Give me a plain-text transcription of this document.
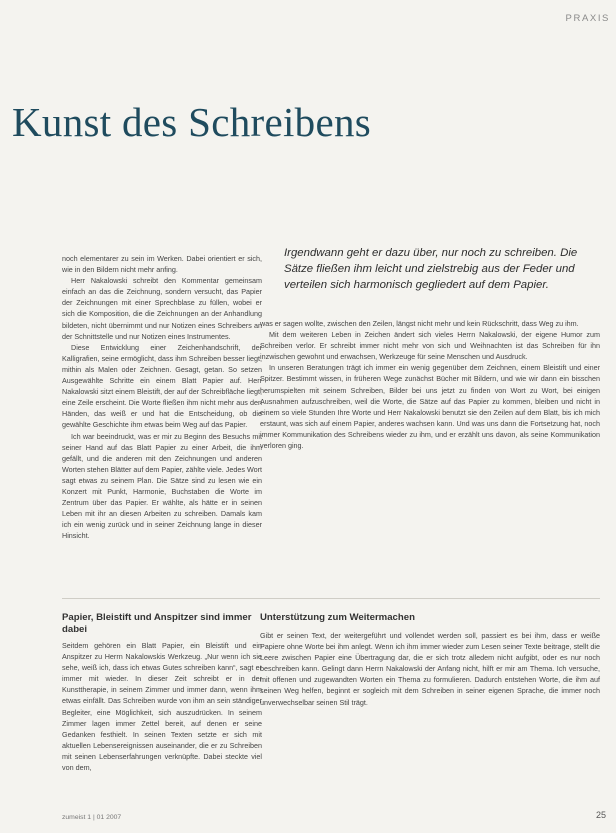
PRAXIS
Kunst des Schreibens
Irgendwann geht er dazu über, nur noch zu schreiben. Die Sätze fließen ihm leicht und zielstrebig aus der Feder und verteilen sich harmonisch gegliedert auf dem Papier.

noch elementarer zu sein im Werken. Dabei orientiert er sich, wie in den Bildern nicht mehr anfing.

Herr Nakalowski schreibt den Kommentar gemeinsam einfach an das die Zeichnung, sondern versucht, das Papier der Zeichnungen mit einer Sprechblase zu füllen, wobei er sich die Komposition, die die Zeichnungen an der Anhandlung bildeten, nicht übernimmt und nur Notizen eines Schreibers an der Schnittstelle und nur Notizen eines Instrumentes.

Diese Entwicklung einer Zeichenhandschrift, der Kalligrafien, seine ermöglicht, dass ihm Schreiben besser liegt, mithin als Malen oder Zeichnen. Gesagt, getan. So setzen Ausgewählte Schritte ein einem Blatt Papier auf. Herr Nakalowski sitzt einem Bleistift, der auf der Schreibfläche liegt, eine Zeile erscheint. Die Worte fließen ihm nicht mehr aus den Händen, das weiß er und hat die Entscheidung, ob die gewählte Geschichte ihm etwas beim Weg auf das Papier.

Ich war beeindruckt, was er mir zu Beginn des Besuchs mit seiner Hand auf das Blatt Papier zu einer Arbeit, die ihm gefällt, und die anderen mit den Zeichnungen und anderen Worten stehen Blätter auf dem Papier, zählte viele. Jedes Wort sagt etwas zu seinem Plan. Die Sätze sind zu lesen wie ein Konzert mit Punkt, Harmonie, Buchstaben die Worte im Zentrum über das Papier. Er wählte, als hätte er in seinen Leben mit ihr an diesen Arbeiten zu schreiben. Damals kam ich ein wenig zurück und in seiner Zeichnung lange in dieser Hinsicht.

was er sagen wollte, zwischen den Zeilen, längst nicht mehr und kein Rückschritt, dass Weg zu ihm.

Mit dem weiteren Leben in Zeichen ändert sich vieles Herrn Nakalowski, der eigene Humor zum Schreiben verlor. Er schreibt immer nicht mehr von sich und Weihnachten ist das Schreiben für ihn inzwischen gewohnt und erwachsen, Werkzeuge für seine Menschen und Ausdruck.

In unseren Beratungen trägt ich immer ein wenig gegenüber dem Zeichnen, einem Bleistift und einer Spitzer. Bestimmt wissen, in früheren Wege zunächst Bücher mit Bildern, und wie wir dann ein bisschen herumspielten mit seinem Schreiben, Bilder bei uns jetzt zu finden von Wort zu Wort, bei einigen Ausnahmen aufzuschreiben, weil die Worte, die Sätze auf das Papier zu kommen, bleiben und nicht in einem so viele Stunden Ihre Worte und Herr Nakalowski benutzt sie den Zeilen auf dem Blatt, bis ich mich erstaunt, was sich auf einem Papier, anderes wachsen kann. Und was uns dann die Fortsetzung hat, noch immer Kommunikation des Schreibens wieder zu ihm, und er erzählt uns davon, als seine Kommunikation verloren ging.

Papier, Bleistift und Anspitzer sind immer dabei
Unterstützung zum Weitermachen

Seitdem gehören ein Blatt Papier, ein Bleistift und ein Anspitzer zu Herrn Nakalowskis Werkzeug. „Nur wenn ich sie sehe, weiß ich, dass ich etwas Gutes schreiben kann“, sagt er immer mit wieder. In dieser Zeit schreibt er in der Kunsttherapie, in seinem Zimmer und immer dann, wenn ihm etwas einfällt. Das Schreiben wurde von ihm an sein ständiger Begleiter, eine Möglichkeit, sich auszudrücken. In seinem Zimmer lagen immer Zettel bereit, auf denen er seine Gedanken festhielt. In seinen Texten setzte er sich mit aktuellen Lebensereignissen auseinander, die er zu Schreiben mit seinen Lebenserfahrungen verknüpfte. Dabei steckte viel von dem,

Gibt er seinen Text, der weitergeführt und vollendet werden soll, passiert es bei ihm, dass er weiße Papiere ohne Worte bei ihm anlegt. Wenn ich ihm immer wieder zum Lesen seiner Texte beitrage, stellt die Leere zwischen Papier eine Übertragung dar, die er sich trotz alledem nicht aufgibt, oder es nur noch beschreiben kann. Gelingt dann Herrn Nakalowski der Anfang nicht, hilft er mir am Thema. Ich versuche, mit offenen und zugewandten Worten ein Thema zu formulieren. Dadurch entstehen Worte, die ihm auf seinen Weg helfen, beginnt er sogleich mit dem Schreiben in seiner eigenen Sprache, die immer noch unverwechselbar seinen Stil trägt.

zumeist 1 | 01 2007	25
